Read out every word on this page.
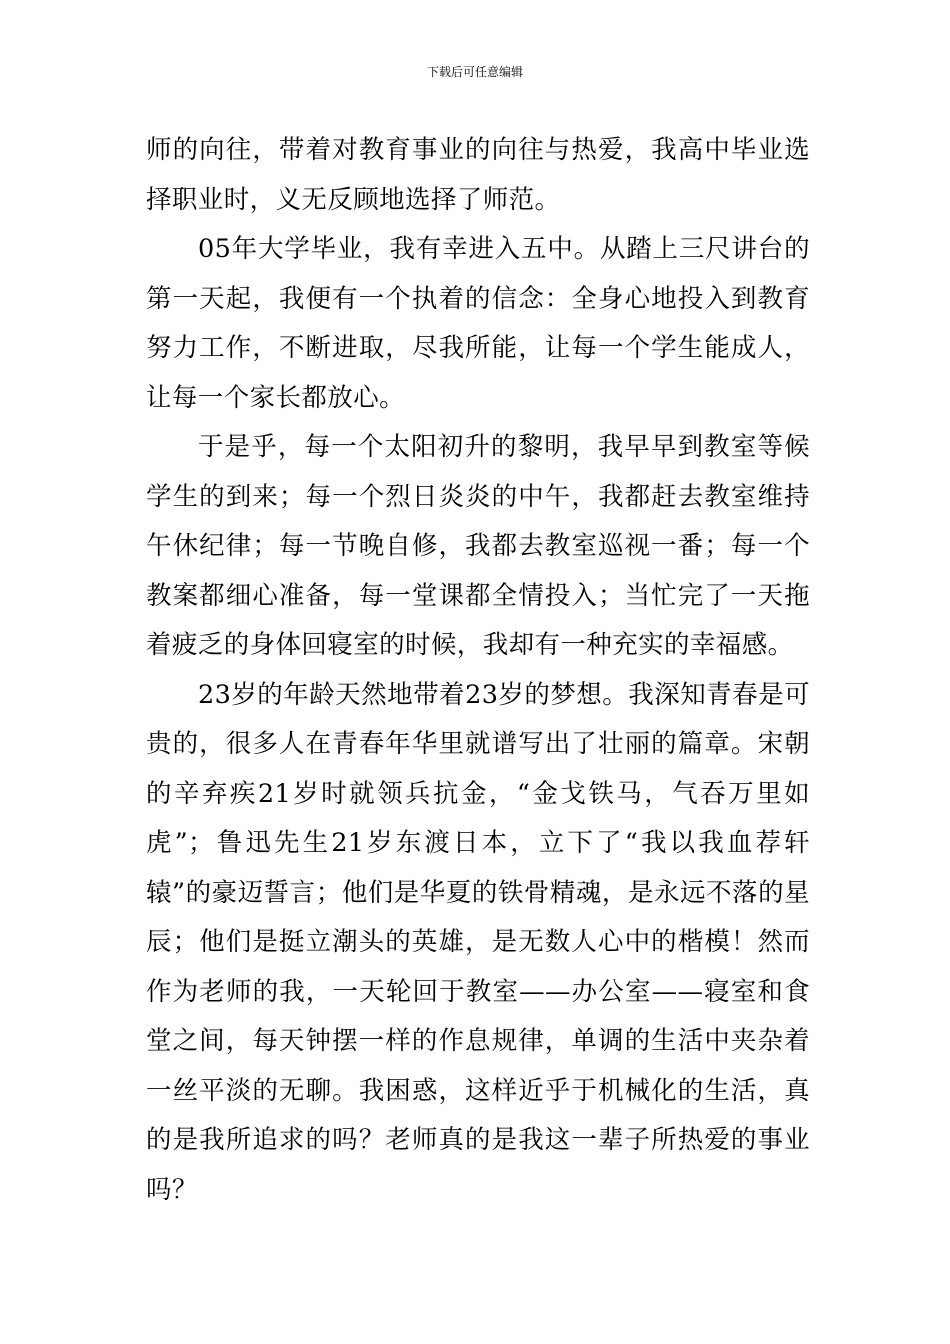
下载后可任意编辑

师的向往，带着对教育事业的向往与热爱，我高中毕业选择职业时，义无反顾地选择了师范。

05年大学毕业，我有幸进入五中。从踏上三尺讲台的第一天起，我便有一个执着的信念：全身心地投入到教育努力工作，不断进取，尽我所能，让每一个学生能成人，让每一个家长都放心。

于是乎，每一个太阳初升的黎明，我早早到教室等候学生的到来；每一个烈日炎炎的中午，我都赶去教室维持午休纪律；每一节晚自修，我都去教室巡视一番；每一个教案都细心准备，每一堂课都全情投入；当忙完了一天拖着疲乏的身体回寝室的时候，我却有一种充实的幸福感。

23岁的年龄天然地带着23岁的梦想。我深知青春是可贵的，很多人在青春年华里就谱写出了壮丽的篇章。宋朝的辛弃疾21岁时就领兵抗金，“金戈铁马，气吞万里如虎”；鲁迅先生21岁东渡日本，立下了“我以我血荐轩辕”的豪迈誓言；他们是华夏的铁骨精魂，是永远不落的星辰；他们是挺立潮头的英雄，是无数人心中的楷模！然而作为老师的我，一天轮回于教室——办公室——寝室和食堂之间，每天钟摆一样的作息规律，单调的生活中夹杂着一丝平淡的无聊。我困惑，这样近乎于机械化的生活，真的是我所追求的吗？老师真的是我这一辈子所热爱的事业吗？
